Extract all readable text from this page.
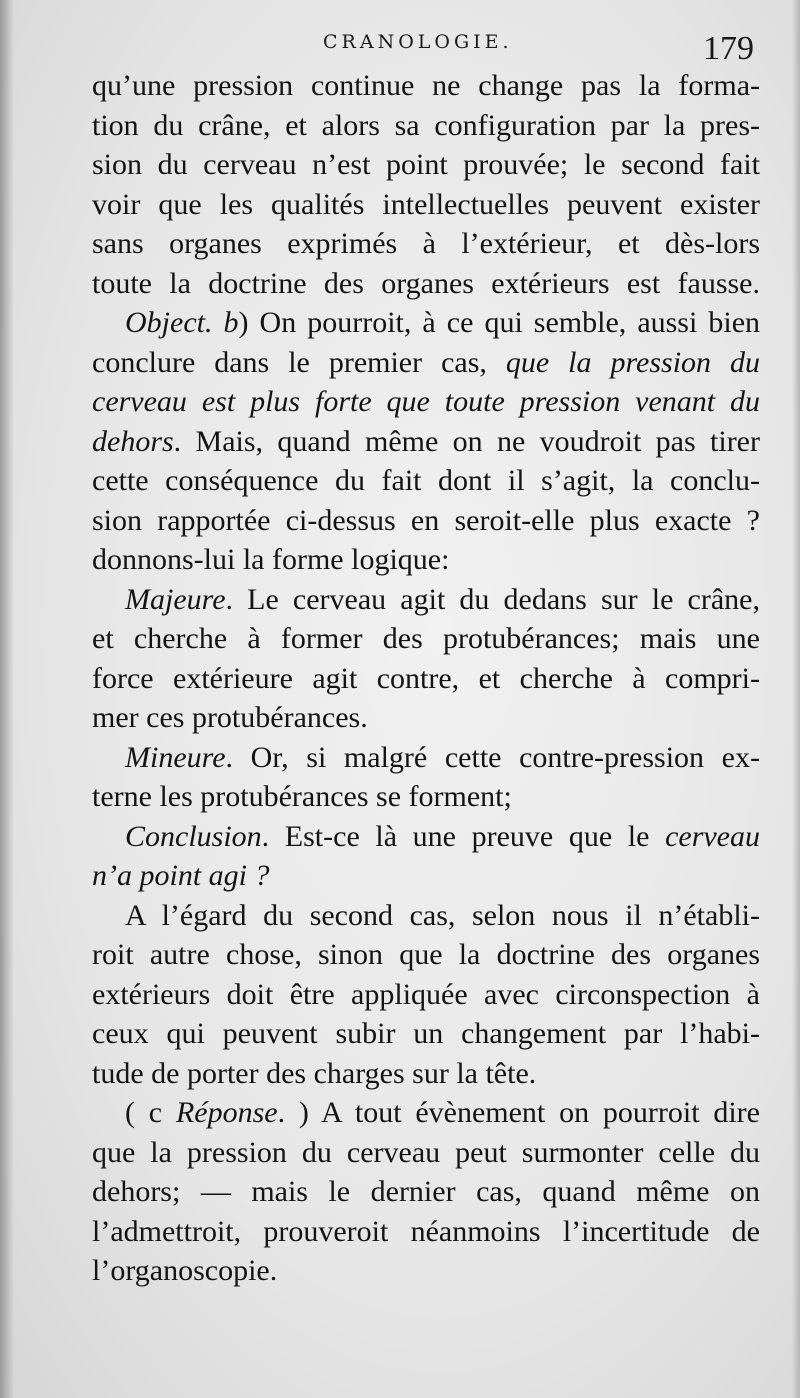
CRANOLOGIE.	179
qu’une pression continue ne change pas la forma-
tion du crâne, et alors sa configuration par la pres-
sion du cerveau n’est point prouvée; le second fait
voir que les qualités intellectuelles peuvent exister
sans organes exprimés à l’extérieur, et dès-lors
toute la doctrine des organes extérieurs est fausse.
Object. b) On pourroit, à ce qui semble, aussi bien
conclure dans le premier cas, que la pression du
cerveau est plus forte que toute pression venant du
dehors. Mais, quand même on ne voudroit pas tirer
cette conséquence du fait dont il s’agit, la conclu-
sion rapportée ci-dessus en seroit-elle plus exacte ?
donnons-lui la forme logique:
Majeure. Le cerveau agit du dedans sur le crâne,
et cherche à former des protubérances; mais une
force extérieure agit contre, et cherche à compri-
mer ces protubérances.
Mineure. Or, si malgré cette contre-pression ex-
terne les protubérances se forment;
Conclusion. Est-ce là une preuve que le cerveau
n’a point agi ?
A l’égard du second cas, selon nous il n’établi-
roit autre chose, sinon que la doctrine des organes
extérieurs doit être appliquée avec circonspection à
ceux qui peuvent subir un changement par l’habi-
tude de porter des charges sur la tête.
( c Réponse. ) A tout évènement on pourroit dire
que la pression du cerveau peut surmonter celle du
dehors; — mais le dernier cas, quand même on
l’admettroit, prouveroit néanmoins l’incertitude de
l’organoscopie.
